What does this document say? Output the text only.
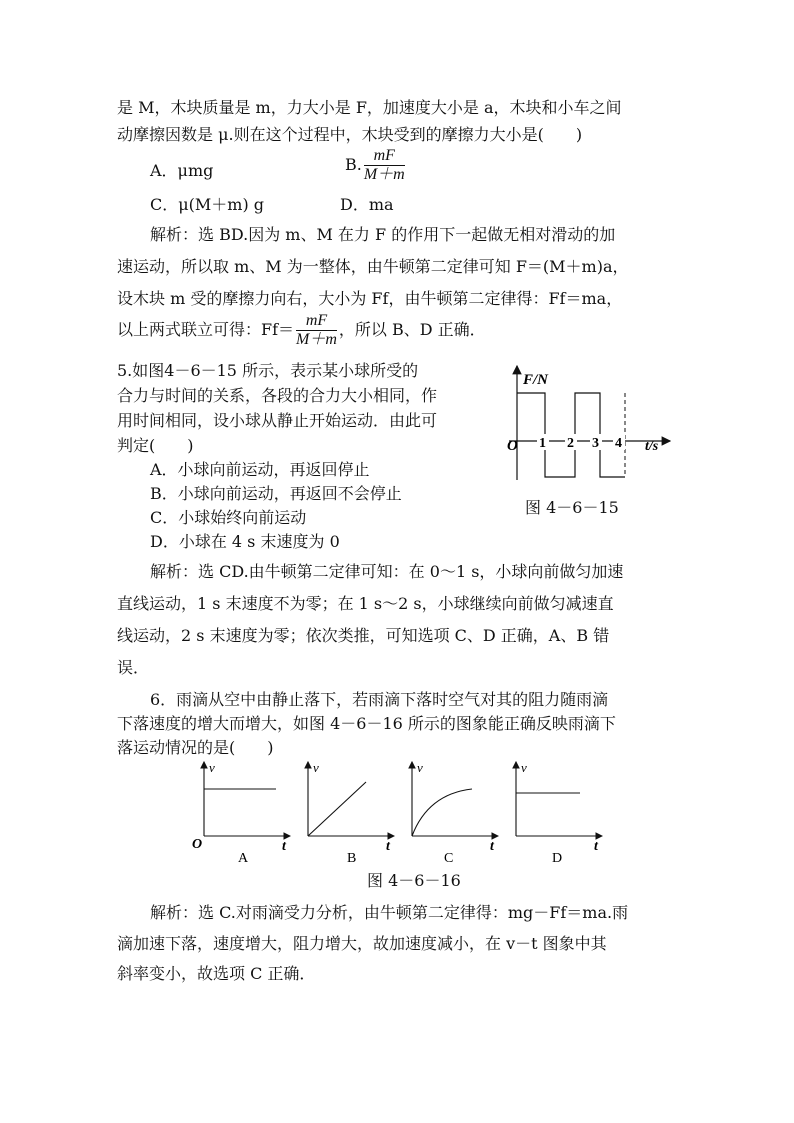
是 M，木块质量是 m，力大小是 F，加速度大小是 a，木块和小车之间
动摩擦因数是 μ.则在这个过程中，木块受到的摩擦力大小是(　　)
A．μmg	B. $\frac{mF}{M+m}$
C．μ(M＋m) g	D．ma
解析：选 BD.因为 m、M 在力 F 的作用下一起做无相对滑动的加
速运动，所以取 m、M 为一整体，由牛顿第二定律可知 F＝(M＋m)a，
设木块 m 受的摩擦力向右，大小为 Ff，由牛顿第二定律得：Ff＝ma，
以上两式联立可得：$Ff= \frac{mF}{M+m}$ ，所以 B、D 正确．
5.如图4－6－15 所示，表示某小球所受的
合力与时间的关系，各段的合力大小相同，作
用时间相同，设小球从静止开始运动．由此可
判定(　　)
A．小球向前运动，再返回停止
B．小球向前运动，再返回不会停止
C．小球始终向前运动
D．小球在 4 s 末速度为 0
F/N
t/s
O 1 2 3 4
图 4－6－15
解析：选 CD.由牛顿第二定律可知：在 0～1 s，小球向前做匀加速
直线运动，1 s 末速度不为零；在 1 s～2 s，小球继续向前做匀减速直
线运动，2 s 末速度为零；依次类推，可知选项 C、D 正确，A、B 错
误．
6．雨滴从空中由静止落下，若雨滴下落时空气对其的阻力随雨滴
下落速度的增大而增大，如图 4－6－16 所示的图象能正确反映雨滴下
落运动情况的是(　　)
v
t
O
A
v
t
B
v
t
C
v
t
D
图 4－6－16
解析：选 C.对雨滴受力分析，由牛顿第二定律得：mg－Ff＝ma.雨
滴加速下落，速度增大，阻力增大，故加速度减小，在 v－t 图象中其
斜率变小，故选项 C 正确．
